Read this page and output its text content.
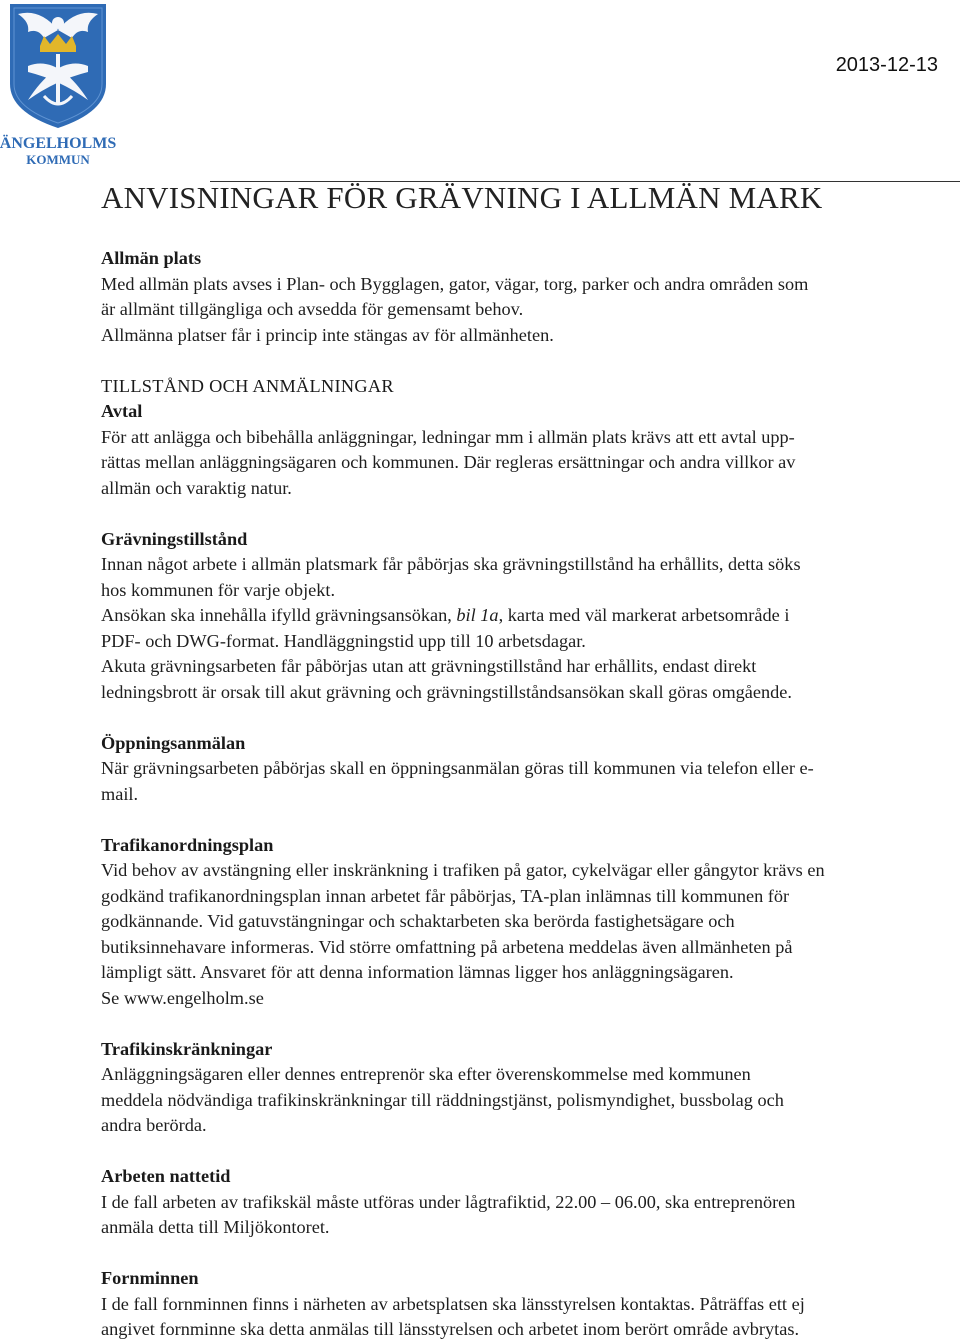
ÄNGELHOLMS
KOMMUN
2013-12-13
ANVISNINGAR FÖR GRÄVNING I ALLMÄN MARK

Allmän plats

Med allmän plats avses i Plan- och Bygglagen, gator, vägar, torg, parker och andra områden som

är allmänt tillgängliga och avsedda för gemensamt behov.

Allmänna platser får i princip inte stängas av för allmänheten.

TILLSTÅND OCH ANMÄLNINGAR

Avtal

För att anlägga och bibehålla anläggningar, ledningar mm i allmän plats krävs att ett avtal upp-

rättas mellan anläggningsägaren och kommunen. Där regleras ersättningar och andra villkor av

allmän och varaktig natur.

Grävningstillstånd

Innan något arbete i allmän platsmark får påbörjas ska grävningstillstånd ha erhållits, detta söks

hos kommunen för varje objekt.

Ansökan ska innehålla ifylld grävningsansökan, bil 1a, karta med väl markerat arbetsområde i

PDF- och DWG-format. Handläggningstid upp till 10 arbetsdagar.

Akuta grävningsarbeten får påbörjas utan att grävningstillstånd har erhållits, endast direkt

ledningsbrott är orsak till akut grävning och grävningstillståndsansökan skall göras omgående.

Öppningsanmälan

När grävningsarbeten påbörjas skall en öppningsanmälan göras till kommunen via telefon eller e-

mail.

Trafikanordningsplan

Vid behov av avstängning eller inskränkning i trafiken på gator, cykelvägar eller gångytor krävs en

godkänd trafikanordningsplan innan arbetet får påbörjas, TA-plan inlämnas till kommunen för

godkännande. Vid gatuvstängningar och schaktarbeten ska berörda fastighetsägare och

butiksinnehavare informeras. Vid större omfattning på arbetena meddelas även allmänheten på

lämpligt sätt. Ansvaret för att denna information lämnas ligger hos anläggningsägaren.

Se www.engelholm.se

Trafikinskränkningar

Anläggningsägaren eller dennes entreprenör ska efter överenskommelse med kommunen

meddela nödvändiga trafikinskränkningar till räddningstjänst, polismyndighet, bussbolag och

andra berörda.

Arbeten nattetid

I de fall arbeten av trafikskäl måste utföras under lågtrafiktid, 22.00 – 06.00, ska entreprenören

anmäla detta till Miljökontoret.

Fornminnen

I de fall fornminnen finns i närheten av arbetsplatsen ska länsstyrelsen kontaktas. Påträffas ett ej

angivet fornminne ska detta anmälas till länsstyrelsen och arbetet inom berört område avbrytas.
